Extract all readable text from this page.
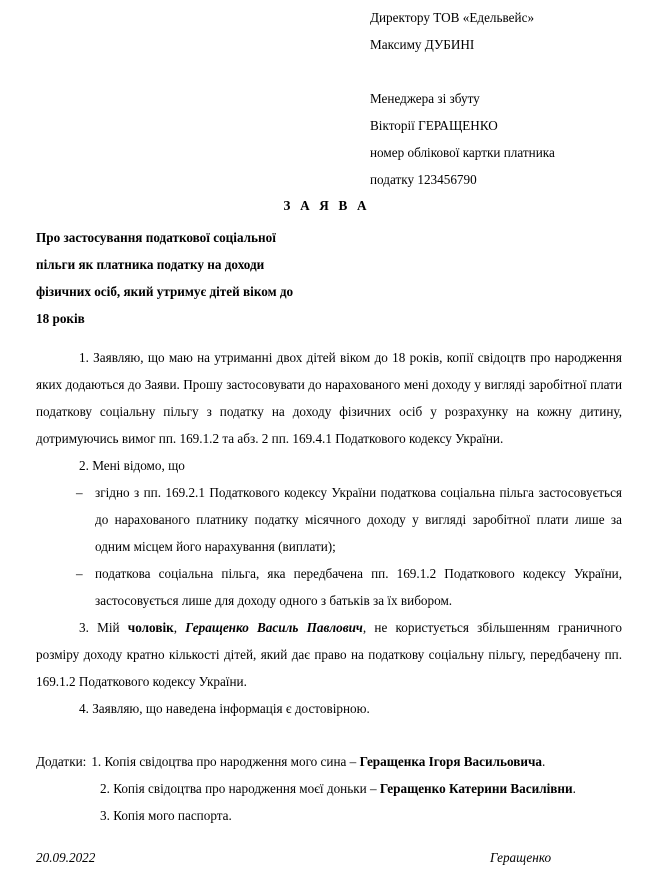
Директору ТОВ «Едельвейс»
Максиму ДУБИНІ
Менеджера зі збуту
Вікторії ГЕРАЩЕНКО
номер облікової картки платника
податку 123456790
З А Я В А
Про застосування податкової соціальної
пільги як платника податку на доходи
фізичних осіб, який утримує дітей віком до
18 років

1. Заявляю, що маю на утриманні двох дітей віком до 18 років, копії свідоцтв про народження яких додаються до Заяви. Прошу застосовувати до нарахованого мені доходу у вигляді заробітної плати податкову соціальну пільгу з податку на доходу фізичних осіб у розрахунку на кожну дитину, дотримуючись вимог пп. 169.1.2 та абз. 2 пп. 169.4.1 Податкового кодексу України.

2. Мені відомо, що

– згідно з пп. 169.2.1 Податкового кодексу України податкова соціальна пільга застосовується до нарахованого платнику податку місячного доходу у вигляді заробітної плати лише за одним місцем його нарахування (виплати);
– податкова соціальна пільга, яка передбачена пп. 169.1.2 Податкового кодексу України, застосовується лише для доходу одного з батьків за їх вибором.

3. Мій чоловік, Геращенко Василь Павлович, не користується збільшенням граничного розміру доходу кратно кількості дітей, який дає право на податкову соціальну пільгу, передбачену пп. 169.1.2 Податкового кодексу України.

4. Заявляю, що наведена інформація є достовірною.

Додатки: 1. Копія свідоцтва про народження мого сина – Геращенка Ігоря Васильовича.
2. Копія свідоцтва про народження моєї доньки – Геращенко Катерини Василівни.
3. Копія мого паспорта.
20.09.2022	Геращенко
